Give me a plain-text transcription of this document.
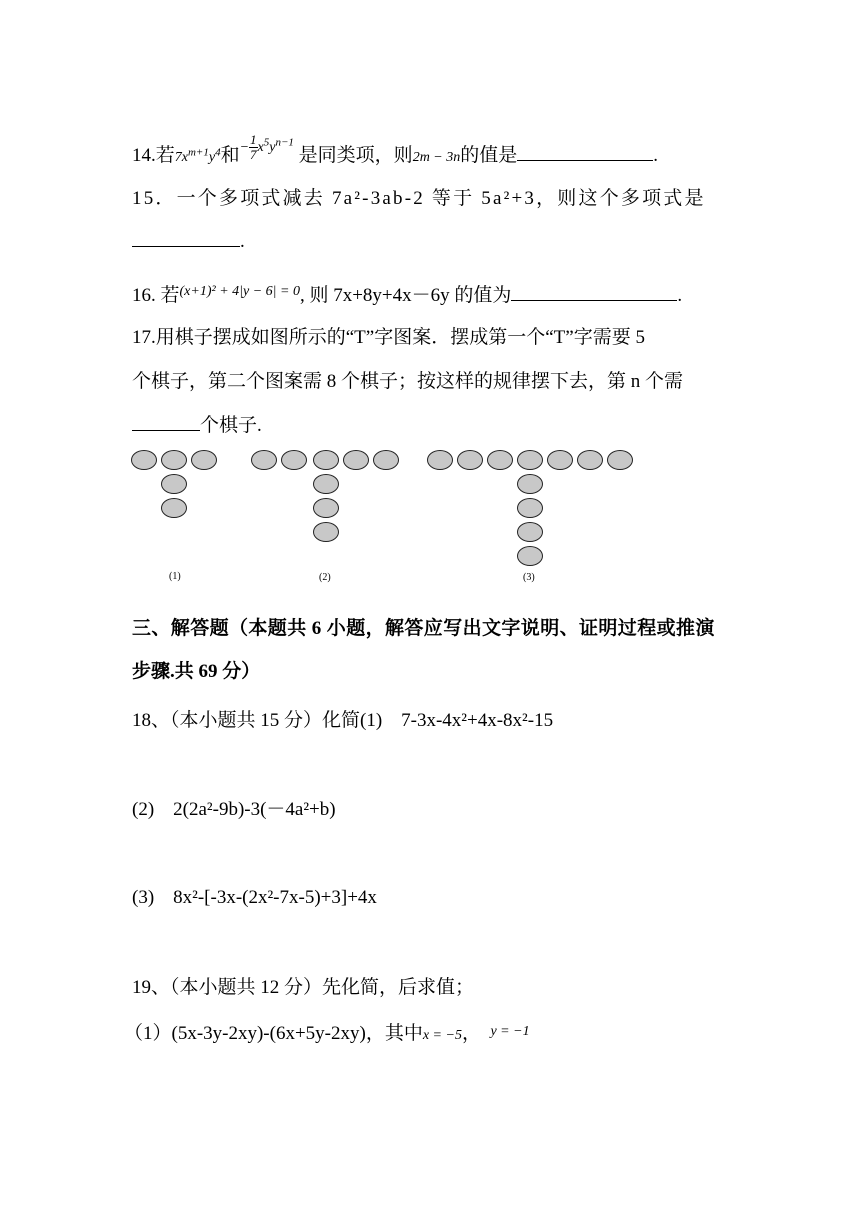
14.若$7x^{m+1}y^4$和$^{- \frac{1}{7}x^5y^{n-1}}$ 是同类项，则2m − 3n的值是	.
15．一个多项式减去 7a²-3ab-2 等于 5a²+3，则这个多项式是
.
16. 若$^{(x+1)^2 + 4|y - 6| = 0}$, 则 7x+8y+4x－6y 的值为	.
17.用棋子摆成如图所示的“T”字图案．摆成第一个“T”字需要 5
个棋子，第二个图案需 8 个棋子；按这样的规律摆下去，第 n 个需
个棋子.
(1)	(2)	(3)
三、解答题（本题共 6 小题，解答应写出文字说明、证明过程或推演
步骤.共 69 分）
18、（本小题共 15 分）化简(1)　7-3x-4x²+4x-8x²-15
(2)　2(2a²-9b)-3(－4a²+b)
(3)　8x²-[-3x-(2x²-7x-5)+3]+4x
19、（本小题共 12 分）先化简，后求值；
（1）(5x-3y-2xy)-(6x+5y-2xy)，其中x = −5， $^{y = -1}$
